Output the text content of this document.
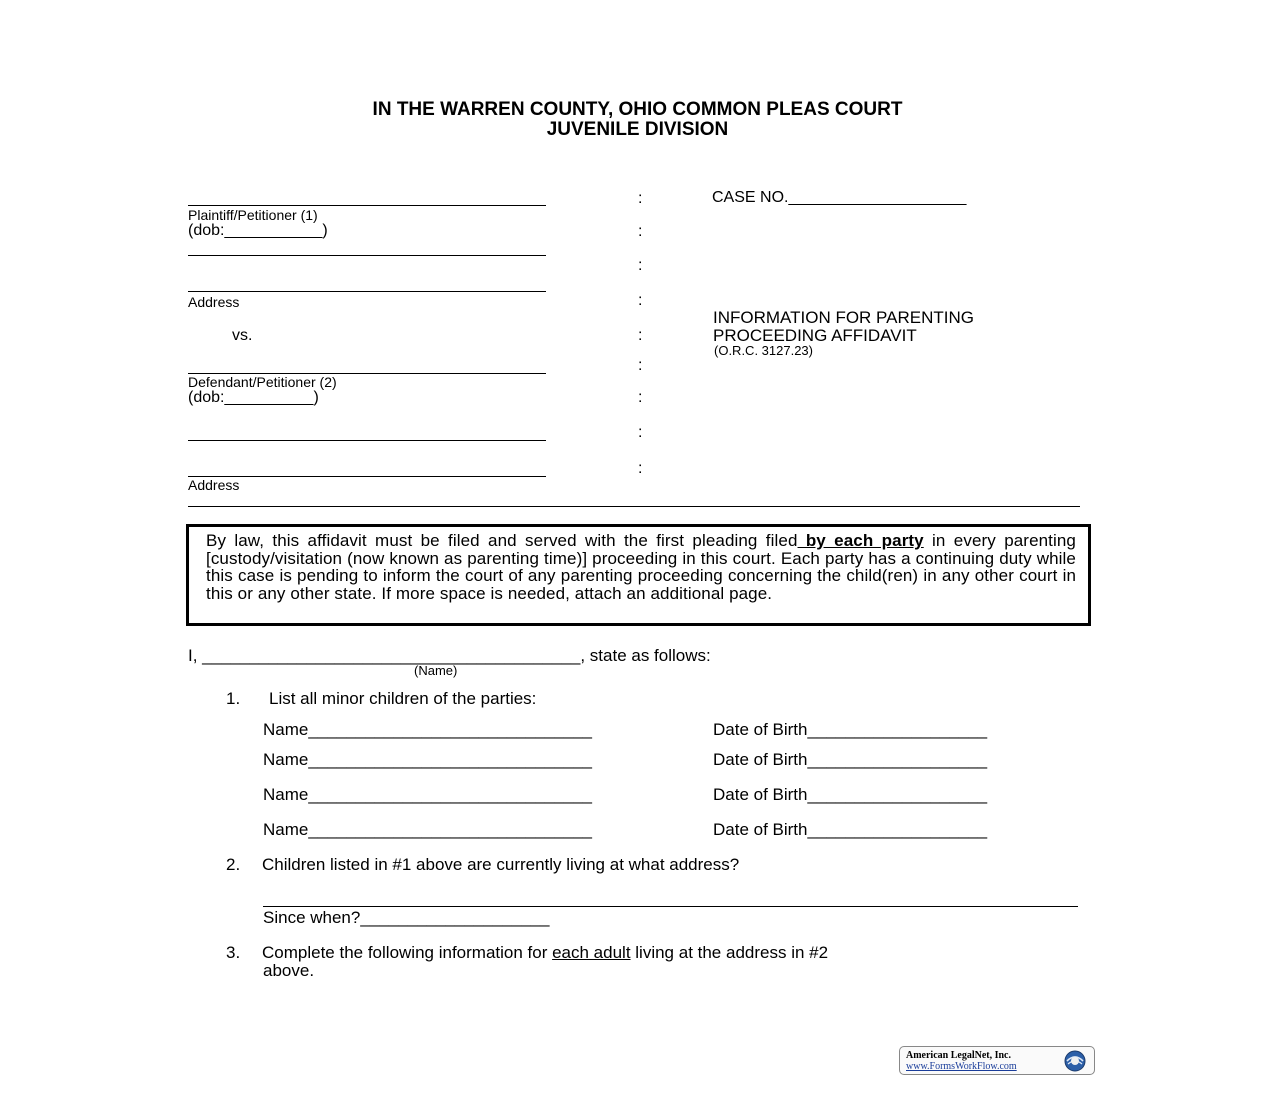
IN THE WARREN COUNTY, OHIO COMMON PLEAS COURT
JUVENILE DIVISION
Plaintiff/Petitioner (1)
(dob:___________)
Address
vs.
Defendant/Petitioner (2)
(dob:__________)
Address
:
:
:
:
:
:
:
:
:
CASE NO.____________________
INFORMATION FOR PARENTING
PROCEEDING AFFIDAVIT
(O.R.C. 3127.23)
By law, this affidavit must be filed and served with the first pleading filed by each party in every parenting [custody/visitation (now known as parenting time)] proceeding in this court. Each party has a continuing duty while this case is pending to inform the court of any parenting proceeding concerning the child(ren) in any other court in this or any other state. If more space is needed, attach an additional page.
I, ________________________________________, state as follows:
(Name)
1. List all minor children of the parties:
Name______________________________	Date of Birth___________________
Name______________________________	Date of Birth___________________
Name______________________________	Date of Birth___________________
Name______________________________	Date of Birth___________________
2. Children listed in #1 above are currently living at what address?
Since when?____________________
3. Complete the following information for each adult living at the address in #2
above.
American LegalNet, Inc.
www.FormsWorkFlow.com
